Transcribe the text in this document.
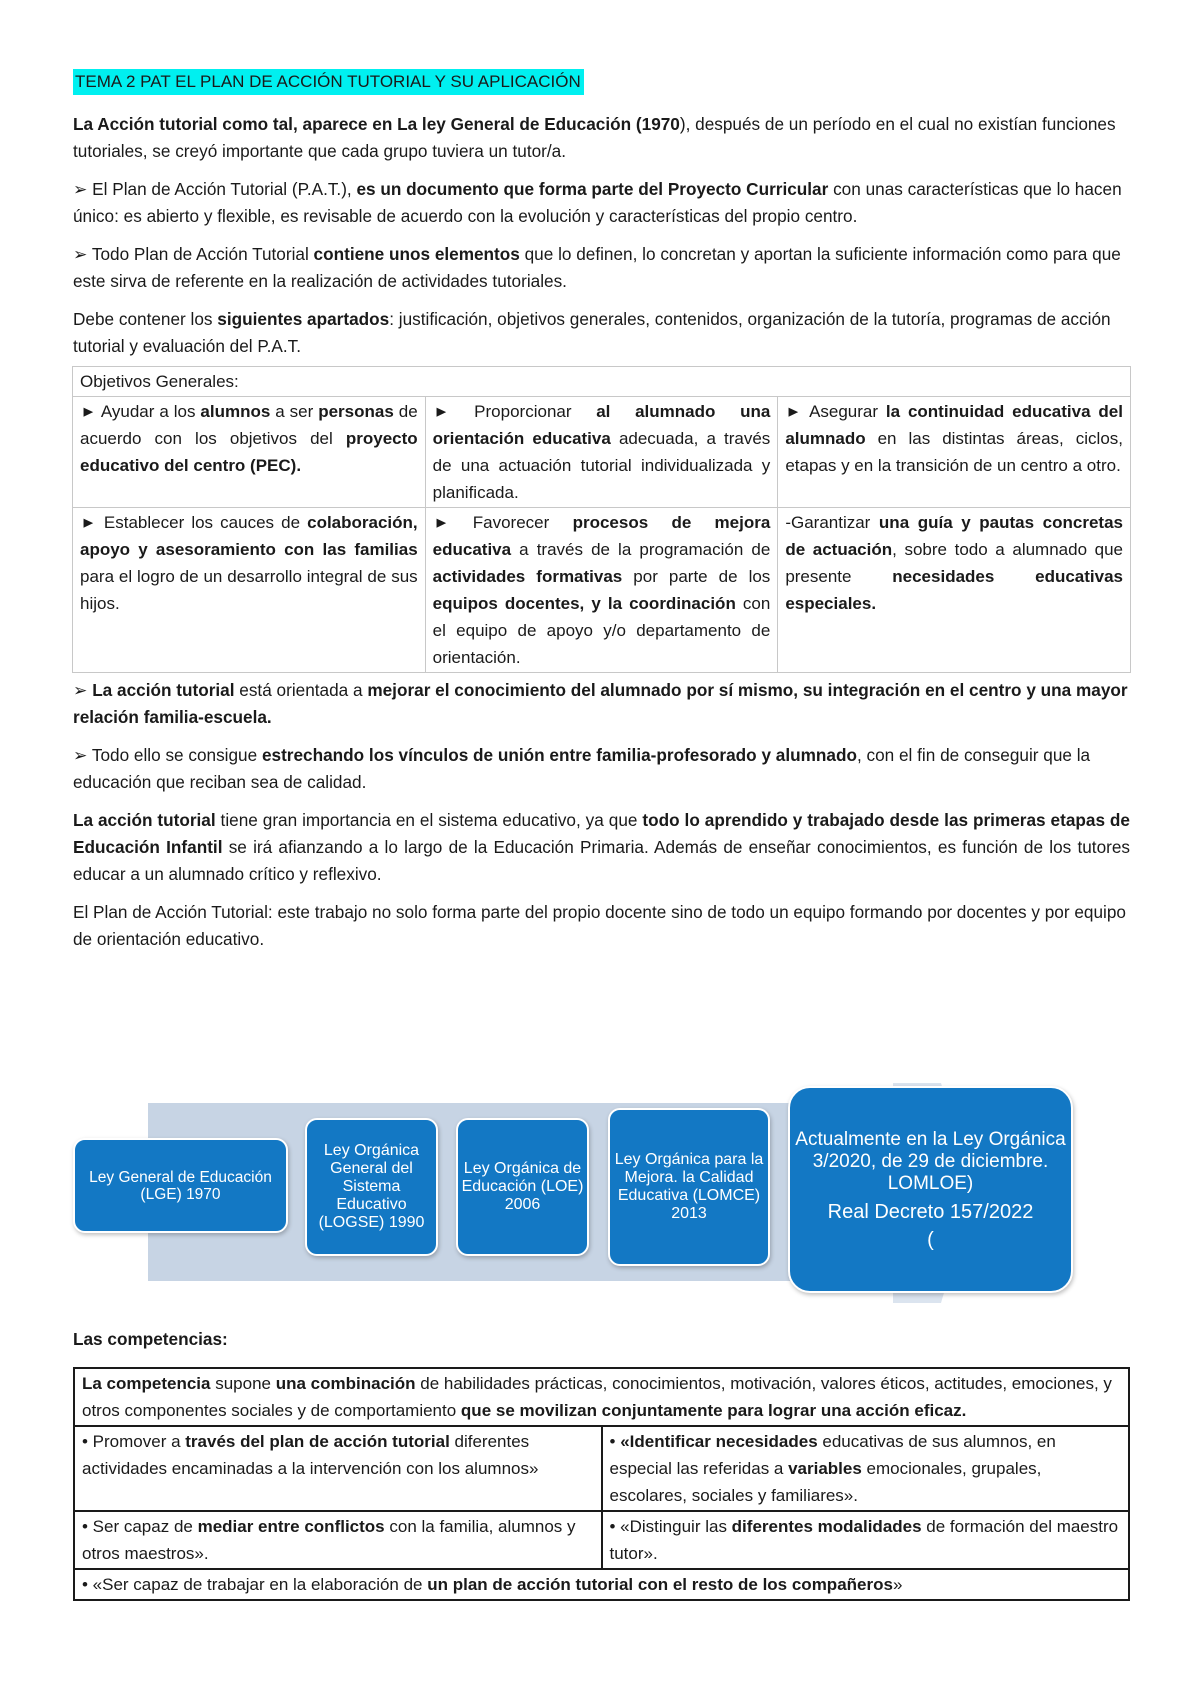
TEMA 2 PAT EL PLAN DE ACCIÓN TUTORIAL Y SU APLICACIÓN

La Acción tutorial como tal, aparece en La ley General de Educación (1970), después de un período en el cual no existían funciones tutoriales, se creyó importante que cada grupo tuviera un tutor/a.

➢ El Plan de Acción Tutorial (P.A.T.), es un documento que forma parte del Proyecto Curricular con unas características que lo hacen único: es abierto y flexible, es revisable de acuerdo con la evolución y características del propio centro.

➢ Todo Plan de Acción Tutorial contiene unos elementos que lo definen, lo concretan y aportan la suficiente información como para que este sirva de referente en la realización de actividades tutoriales.

Debe contener los siguientes apartados: justificación, objetivos generales, contenidos, organización de la tutoría, programas de acción tutorial y evaluación del P.A.T.

Objetivos Generales:		
► Ayudar a los alumnos a ser personas de acuerdo con los objetivos del proyecto educativo del centro (PEC).	► Proporcionar al alumnado una orientación educativa adecuada, a través de una actuación tutorial individualizada y planificada.	► Asegurar la continuidad educativa del alumnado en las distintas áreas, ciclos, etapas y en la transición de un centro a otro.
► Establecer los cauces de colaboración, apoyo y asesoramiento con las familias para el logro de un desarrollo integral de sus hijos.	► Favorecer procesos de mejora educativa a través de la programación de actividades formativas por parte de los equipos docentes, y la coordinación con el equipo de apoyo y/o departamento de orientación.	-Garantizar una guía y pautas concretas de actuación, sobre todo a alumnado que presente necesidades educativas especiales.

➢ La acción tutorial está orientada a mejorar el conocimiento del alumnado por sí mismo, su integración en el centro y una mayor relación familia-escuela.

➢ Todo ello se consigue estrechando los vínculos de unión entre familia-profesorado y alumnado, con el fin de conseguir que la educación que reciban sea de calidad.

La acción tutorial tiene gran importancia en el sistema educativo, ya que todo lo aprendido y trabajado desde las primeras etapas de Educación Infantil se irá afianzando a lo largo de la Educación Primaria. Además de enseñar conocimientos, es función de los tutores educar a un alumnado crítico y reflexivo.

El Plan de Acción Tutorial: este trabajo no solo forma parte del propio docente sino de todo un equipo formando por docentes y por equipo de orientación educativo.

Ley General de Educación (LGE) 1970
Ley Orgánica General del Sistema Educativo (LOGSE) 1990
Ley Orgánica de Educación (LOE) 2006
Ley Orgánica para la Mejora. la Calidad Educativa (LOMCE) 2013
Actualmente en la Ley Orgánica 3/2020, de 29 de diciembre. LOMLOE)
Real Decreto 157/2022
(

Las competencias:

La competencia supone una combinación de habilidades prácticas, conocimientos, motivación, valores éticos, actitudes, emociones, y otros componentes sociales y de comportamiento que se movilizan conjuntamente para lograr una acción eficaz.	
• Promover a través del plan de acción tutorial diferentes actividades encaminadas a la intervención con los alumnos»	• «Identificar necesidades educativas de sus alumnos, en especial las referidas a variables emocionales, grupales, escolares, sociales y familiares».
• Ser capaz de mediar entre conflictos con la familia, alumnos y otros maestros».	• «Distinguir las diferentes modalidades de formación del maestro tutor».
• «Ser capaz de trabajar en la elaboración de un plan de acción tutorial con el resto de los compañeros»	
